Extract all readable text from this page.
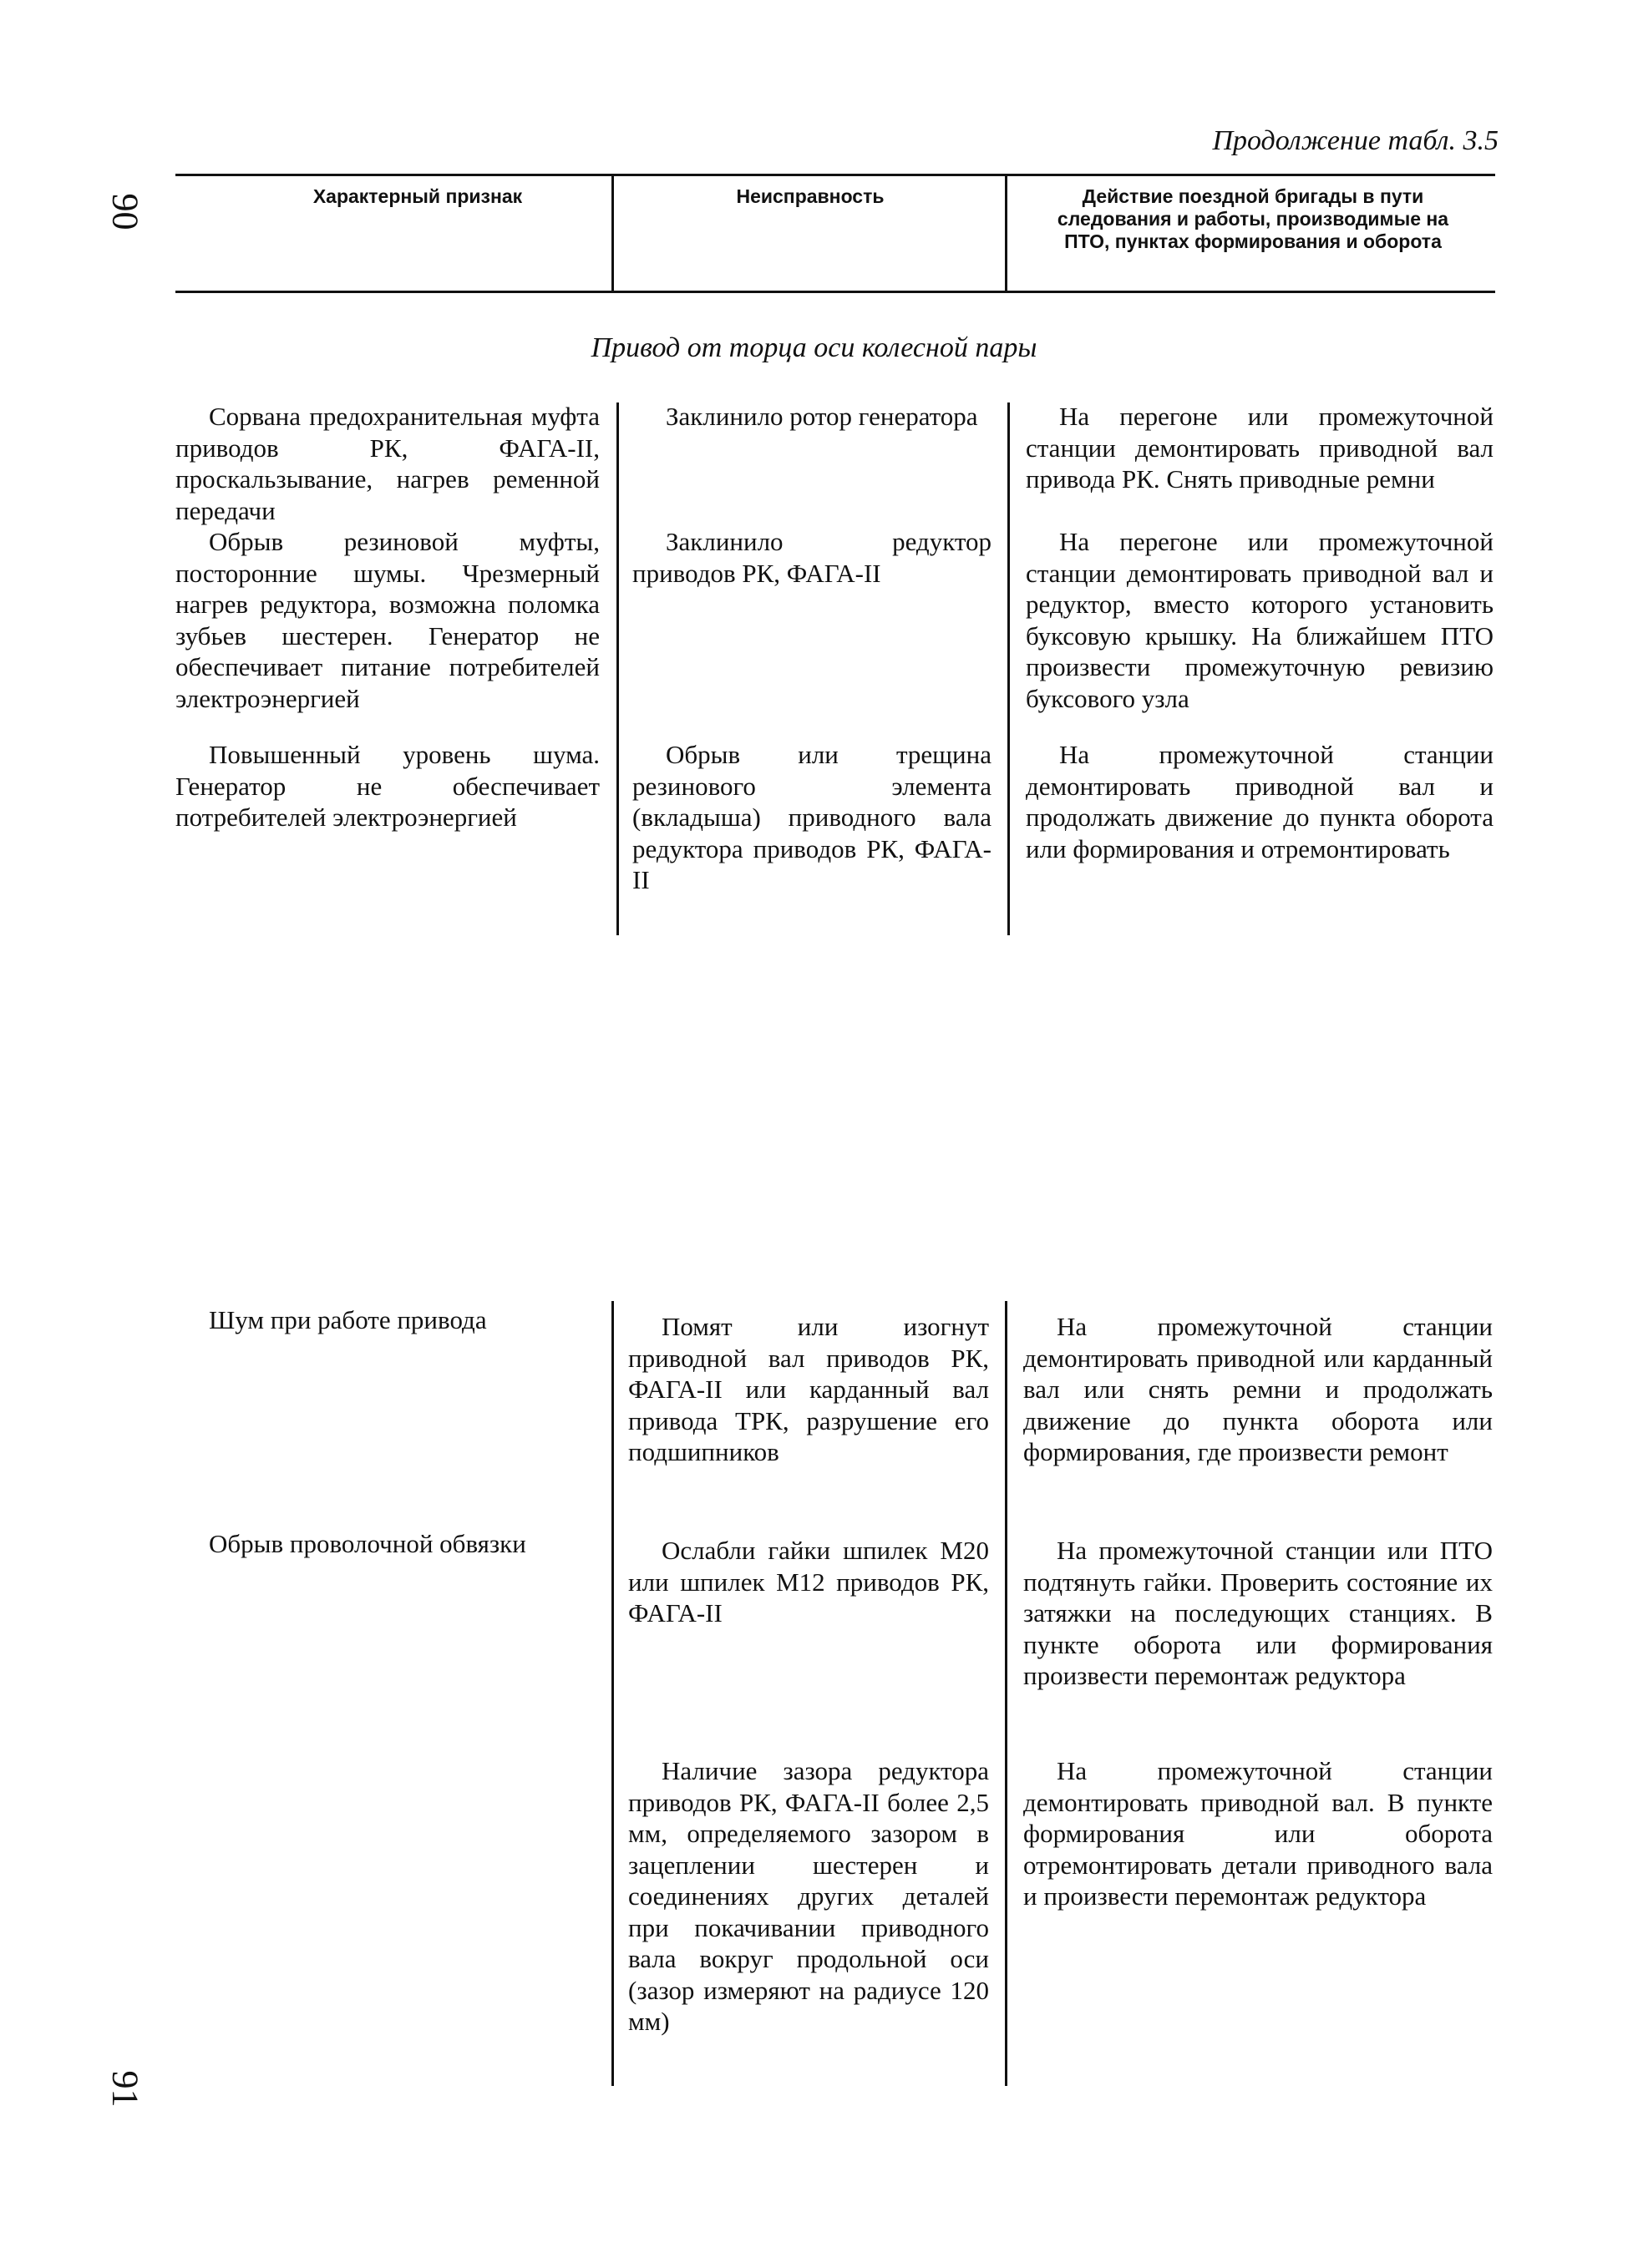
90
91
Продолжение табл. 3.5
Характерный признак	Неисправность	Действие поездной бригады в пути следования и работы, производимые на ПТО, пунктах формирования и оборота
Привод от торца оси колесной пары

Сорвана предохранительная муфта приводов РК, ФАГА-II, проскальзывание, нагрев ременной передачи

Обрыв резиновой муфты, посторонние шумы. Чрезмерный нагрев редуктора, возможна поломка зубьев шестерен. Генератор не обеспечивает питание потребителей электроэнергией

Повышенный уровень шума. Генератор не обеспечивает потребителей электроэнергией

Заклинило ротор генератора

Заклинило редуктор приводов РК, ФАГА-II

Обрыв или трещина резинового элемента (вкладыша) приводного вала редуктора приводов РК, ФАГА-II

На перегоне или промежуточной станции демонтировать приводной вал привода РК. Снять приводные ремни

На перегоне или промежуточной станции демонтировать приводной вал и редуктор, вместо которого установить буксовую крышку. На ближайшем ПТО произвести промежуточную ревизию буксового узла

На промежуточной станции демонтировать приводной вал и продолжать движение до пункта оборота или формирования и отремонтировать

Шум при работе привода

Обрыв проволочной обвязки

Помят или изогнут приводной вал приводов РК, ФАГА-II или карданный вал привода ТРК, разрушение его подшипников

Ослабли гайки шпилек М20 или шпилек М12 приводов РК, ФАГА-II

Наличие зазора редуктора приводов РК, ФАГА-II более 2,5 мм, определяемого зазором в зацеплении шестерен и соединениях других деталей при покачивании приводного вала вокруг продольной оси (зазор измеряют на радиусе 120 мм)

На промежуточной станции демонтировать приводной или карданный вал или снять ремни и продолжать движение до пункта оборота или формирования, где произвести ремонт

На промежуточной станции или ПТО подтянуть гайки. Проверить состояние их затяжки на последующих станциях. В пункте оборота или формирования произвести перемонтаж редуктора

На промежуточной станции демонтировать приводной вал. В пункте формирования или оборота отремонтировать детали приводного вала и произвести перемонтаж редуктора
